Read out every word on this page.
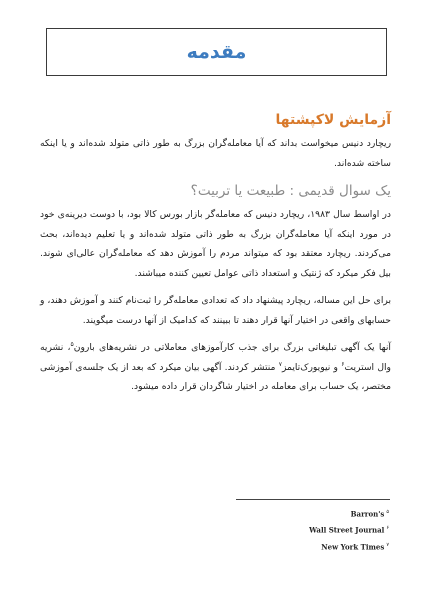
مقدمه
آزمایش لاکپشتها

ریچارد دنیس میخواست بداند که آیا معامله‌گران بزرگ به طور ذاتی متولد شده‌اند و یا اینکه ساخته شده‌اند.

یک سوال قدیمی : طبیعت یا تربیت؟

در اواسط سال ۱۹۸۳، ریچارد دنیس که معامله‌گر بازار بورس کالا بود، با دوست دیرینه‌ی خود در مورد اینکه آیا معامله‌گران بزرگ به طور ذاتی متولد شده‌اند و یا تعلیم دیده‌اند، بحث می‌کردند. ریچارد معتقد بود که میتواند مردم را آموزش دهد که معامله‌گران عالی‌ای شوند. بیل فکر میکرد که ژنتیک و استعداد ذاتی عوامل تعیین کننده میباشند.

برای حل این مساله، ریچارد پیشنهاد داد که تعدادی معامله‌گر را ثبت‌نام کنند و آموزش دهند، و حسابهای واقعی در اختیار آنها قرار دهند تا ببینند که کدامیک از آنها درست میگویند.

آنها یک آگهی تبلیغاتی بزرگ برای جذب کارآموزهای معاملاتی در نشریه‌های بارون$^۵$، نشریه وال استریت$^۶$ و نیویورک‌تایمز$^۷$ منتشر کردند. آگهی بیان میکرد که بعد از یک جلسه‌ی آموزشی مختصر، یک حساب برای معامله در اختیار شاگردان قرار داده میشود.

Barron's $^۵$
Wall Street Journal $^۶$
New York Times $^۷$
